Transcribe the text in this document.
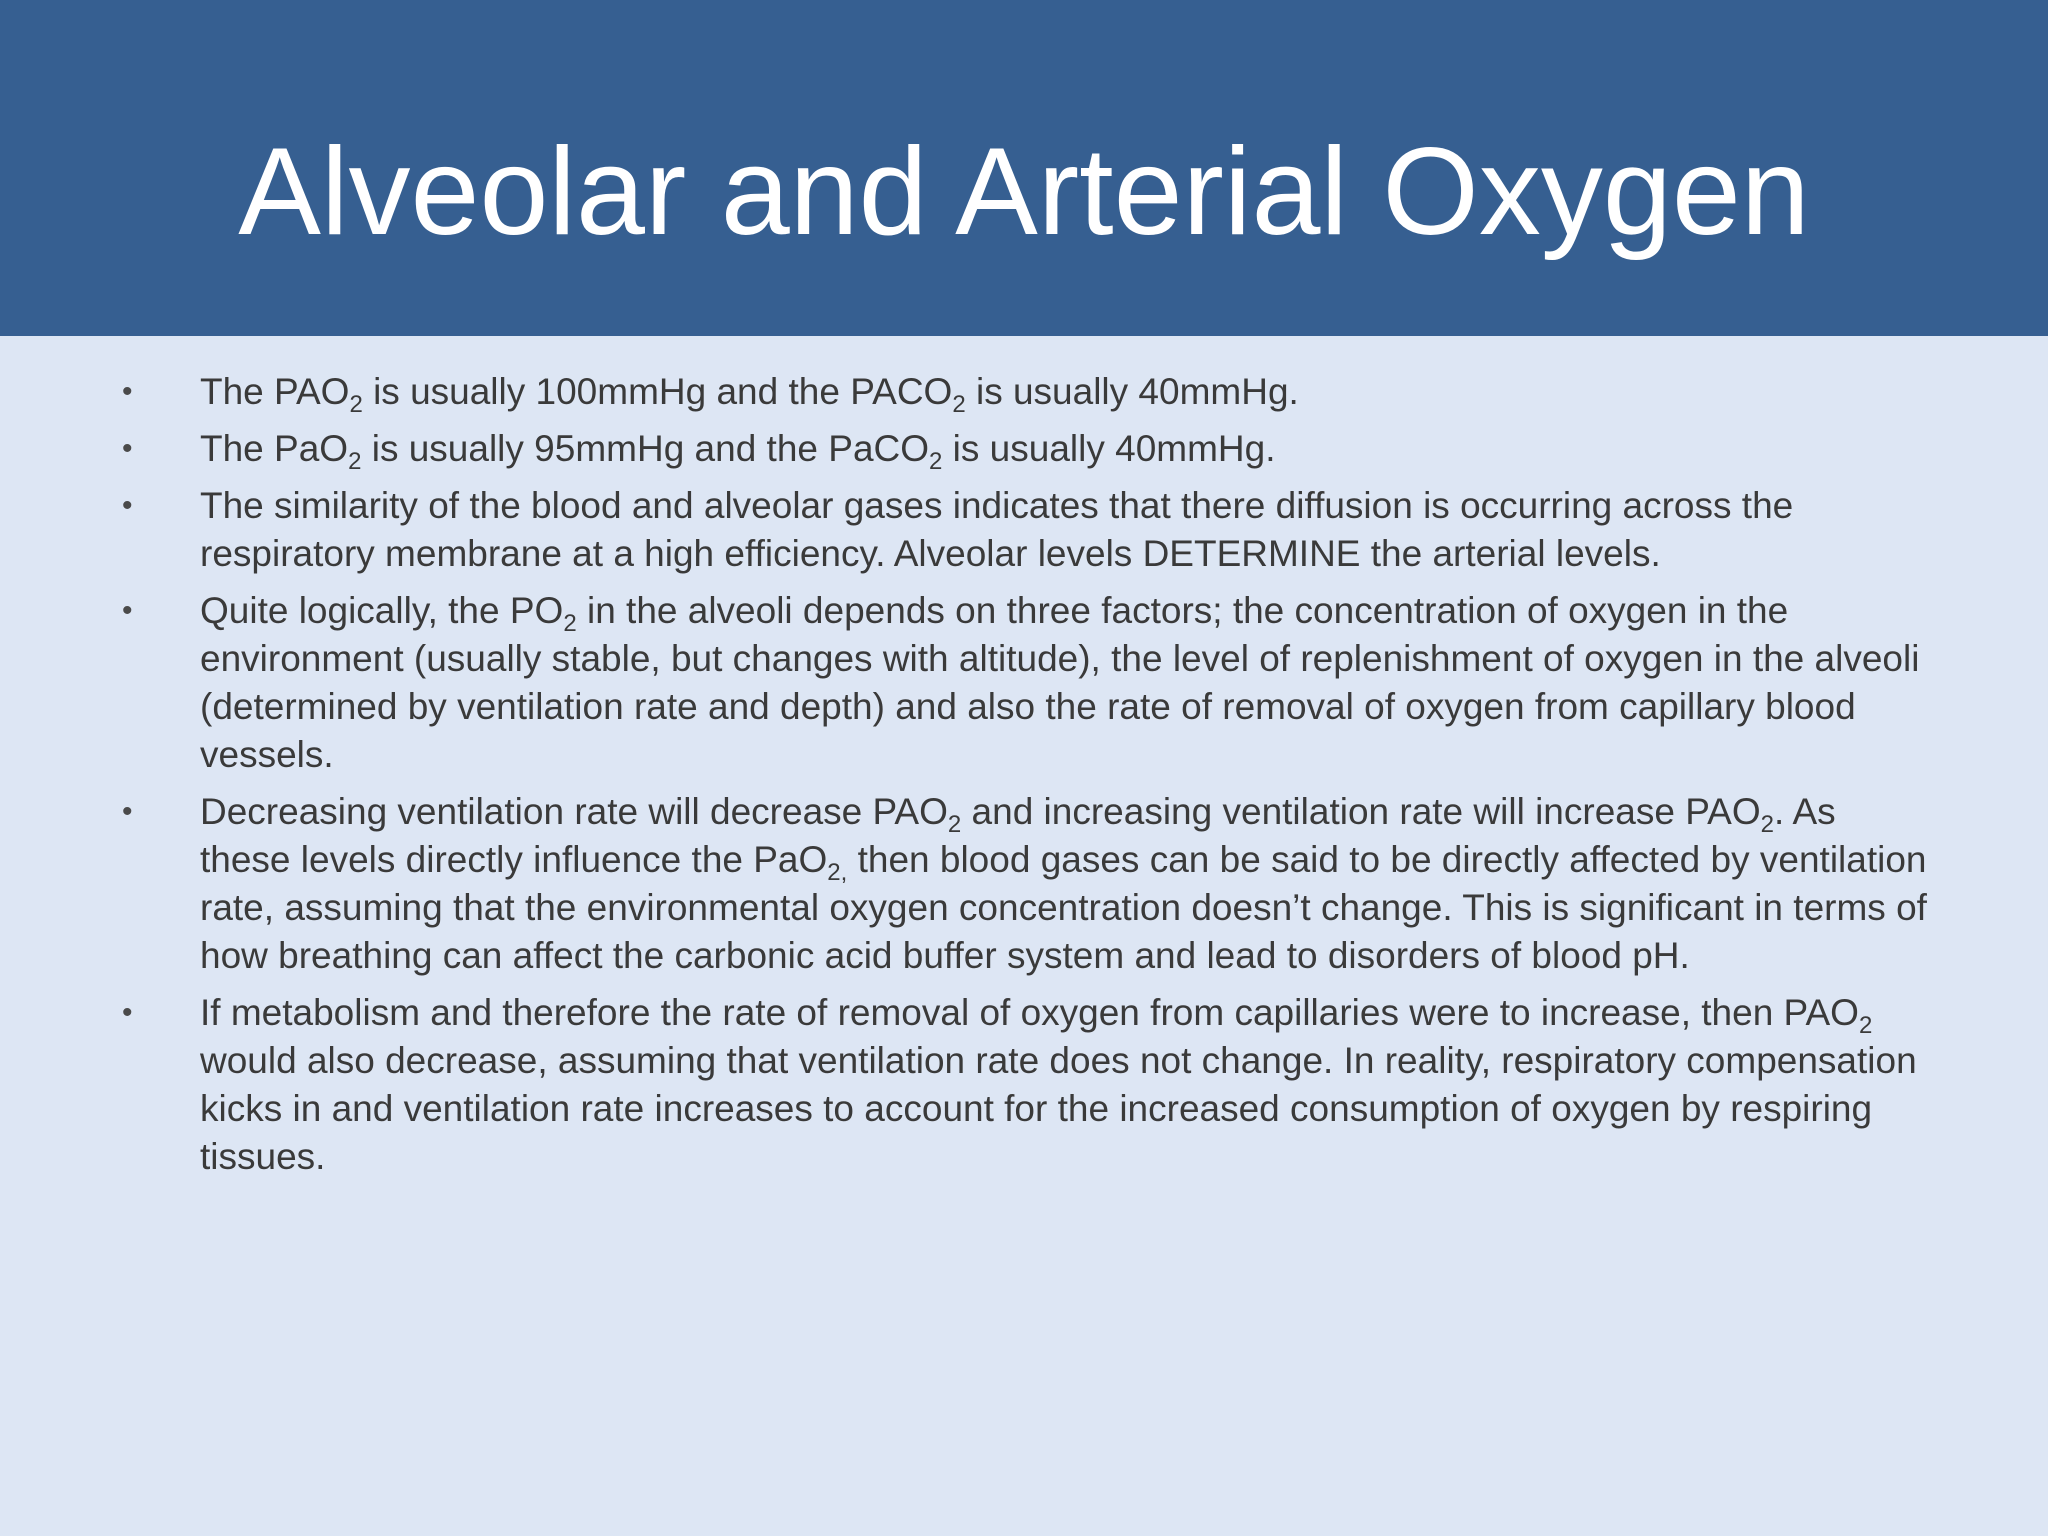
Alveolar and Arterial Oxygen
• The $PAO_2$ is usually 100mmHg and the $PACO_2$ is usually 40mmHg.
• The PaO$_2$ is usually 95mmHg and the PaCO$_2$ is usually 40mmHg.
• The similarity of the blood and alveolar gases indicates that there diffusion is occurring across the respiratory membrane at a high efficiency. Alveolar levels DETERMINE the arterial levels.
• Quite logically, the $PO_2$ in the alveoli depends on three factors; the concentration of oxygen in the environment (usually stable, but changes with altitude), the level of replenishment of oxygen in the alveoli (determined by ventilation rate and depth) and also the rate of removal of oxygen from capillary blood vessels.
• Decreasing ventilation rate will decrease $PAO_2$ and increasing ventilation rate will increase $PAO_2$. As these levels directly influence the PaO$_{2,}$ then blood gases can be said to be directly affected by ventilation rate, assuming that the environmental oxygen concentration doesn’t change. This is significant in terms of how breathing can affect the carbonic acid buffer system and lead to disorders of blood pH.
• If metabolism and therefore the rate of removal of oxygen from capillaries were to increase, then $PAO_2$ would also decrease, assuming that ventilation rate does not change. In reality, respiratory compensation kicks in and ventilation rate increases to account for the increased consumption of oxygen by respiring tissues.
